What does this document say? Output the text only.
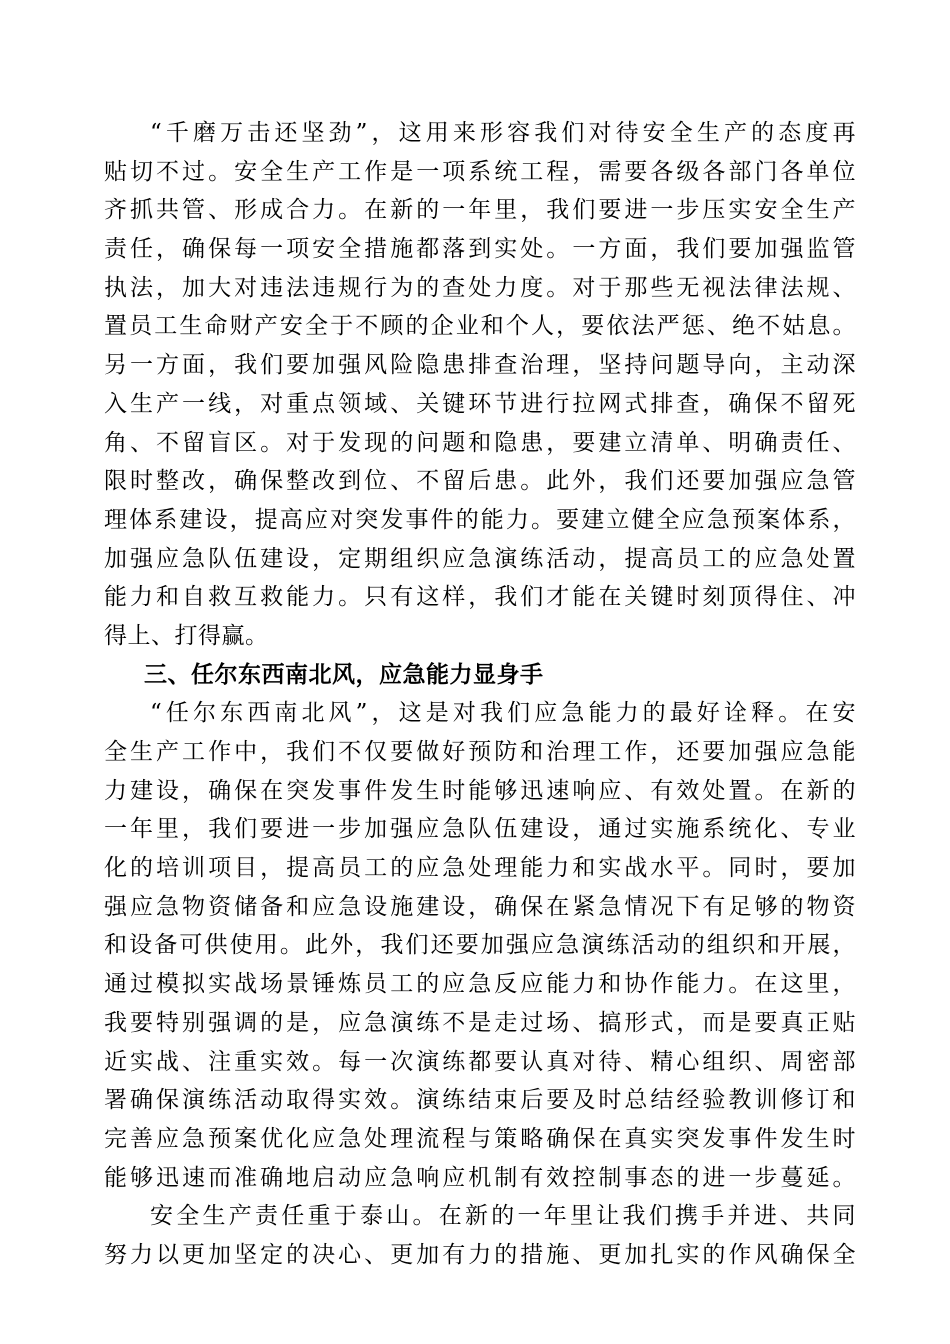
“千磨万击还坚劲”，这用来形容我们对待安全生产的态度再
贴切不过。安全生产工作是一项系统工程，需要各级各部门各单位
齐抓共管、形成合力。在新的一年里，我们要进一步压实安全生产
责任，确保每一项安全措施都落到实处。一方面，我们要加强监管
执法，加大对违法违规行为的查处力度。对于那些无视法律法规、
置员工生命财产安全于不顾的企业和个人，要依法严惩、绝不姑息。
另一方面，我们要加强风险隐患排查治理，坚持问题导向，主动深
入生产一线，对重点领域、关键环节进行拉网式排查，确保不留死
角、不留盲区。对于发现的问题和隐患，要建立清单、明确责任、
限时整改，确保整改到位、不留后患。此外，我们还要加强应急管
理体系建设，提高应对突发事件的能力。要建立健全应急预案体系，
加强应急队伍建设，定期组织应急演练活动，提高员工的应急处置
能力和自救互救能力。只有这样，我们才能在关键时刻顶得住、冲
得上、打得赢。
三、任尔东西南北风，应急能力显身手
“任尔东西南北风”，这是对我们应急能力的最好诠释。在安
全生产工作中，我们不仅要做好预防和治理工作，还要加强应急能
力建设，确保在突发事件发生时能够迅速响应、有效处置。在新的
一年里，我们要进一步加强应急队伍建设，通过实施系统化、专业
化的培训项目，提高员工的应急处理能力和实战水平。同时，要加
强应急物资储备和应急设施建设，确保在紧急情况下有足够的物资
和设备可供使用。此外，我们还要加强应急演练活动的组织和开展，
通过模拟实战场景锤炼员工的应急反应能力和协作能力。在这里，
我要特别强调的是，应急演练不是走过场、搞形式，而是要真正贴
近实战、注重实效。每一次演练都要认真对待、精心组织、周密部
署确保演练活动取得实效。演练结束后要及时总结经验教训修订和
完善应急预案优化应急处理流程与策略确保在真实突发事件发生时
能够迅速而准确地启动应急响应机制有效控制事态的进一步蔓延。
安全生产责任重于泰山。在新的一年里让我们携手并进、共同
努力以更加坚定的决心、更加有力的措施、更加扎实的作风确保全
